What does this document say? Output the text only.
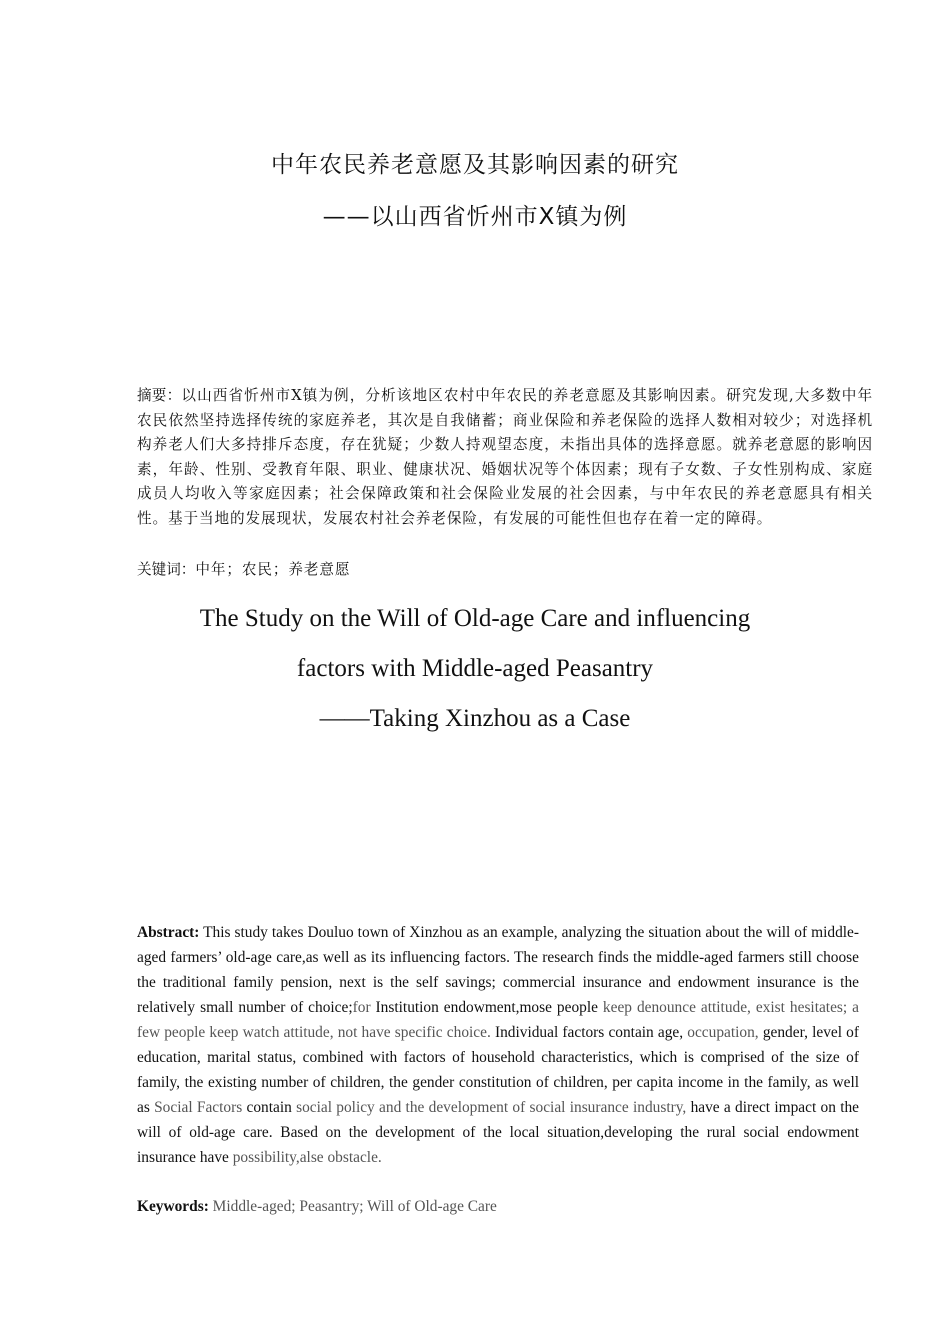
中年农民养老意愿及其影响因素的研究
——以山西省忻州市X镇为例
摘要：以山西省忻州市X镇为例，分析该地区农村中年农民的养老意愿及其影响因素。研究发现,大多数中年农民依然坚持选择传统的家庭养老，其次是自我储蓄；商业保险和养老保险的选择人数相对较少；对选择机构养老人们大多持排斥态度，存在犹疑；少数人持观望态度，未指出具体的选择意愿。就养老意愿的影响因素，年龄、性别、受教育年限、职业、健康状况、婚姻状况等个体因素；现有子女数、子女性别构成、家庭成员人均收入等家庭因素；社会保障政策和社会保险业发展的社会因素，与中年农民的养老意愿具有相关性。基于当地的发展现状，发展农村社会养老保险，有发展的可能性但也存在着一定的障碍。
关键词：中年；农民；养老意愿
The Study on the Will of Old-age Care and influencing
factors with Middle-aged Peasantry
——Taking Xinzhou as a Case
Abstract: This study takes Douluo town of Xinzhou as an example, analyzing the situation about the will of middle-aged farmers’ old-age care,as well as its influencing factors. The research finds the middle-aged farmers still choose the traditional family pension, next is the self savings; commercial insurance and endowment insurance is the relatively small number of choice;for Institution endowment,mose people keep denounce attitude, exist hesitates; a few people keep watch attitude, not have specific choice. Individual factors contain age, occupation, gender, level of education, marital status, combined with factors of household characteristics, which is comprised of the size of family, the existing number of children, the gender constitution of children, per capita income in the family, as well as Social Factors contain social policy and the development of social insurance industry, have a direct impact on the will of old-age care. Based on the development of the local situation,developing the rural social endowment insurance have possibility,alse obstacle.
Keywords: Middle-aged; Peasantry; Will of Old-age Care
